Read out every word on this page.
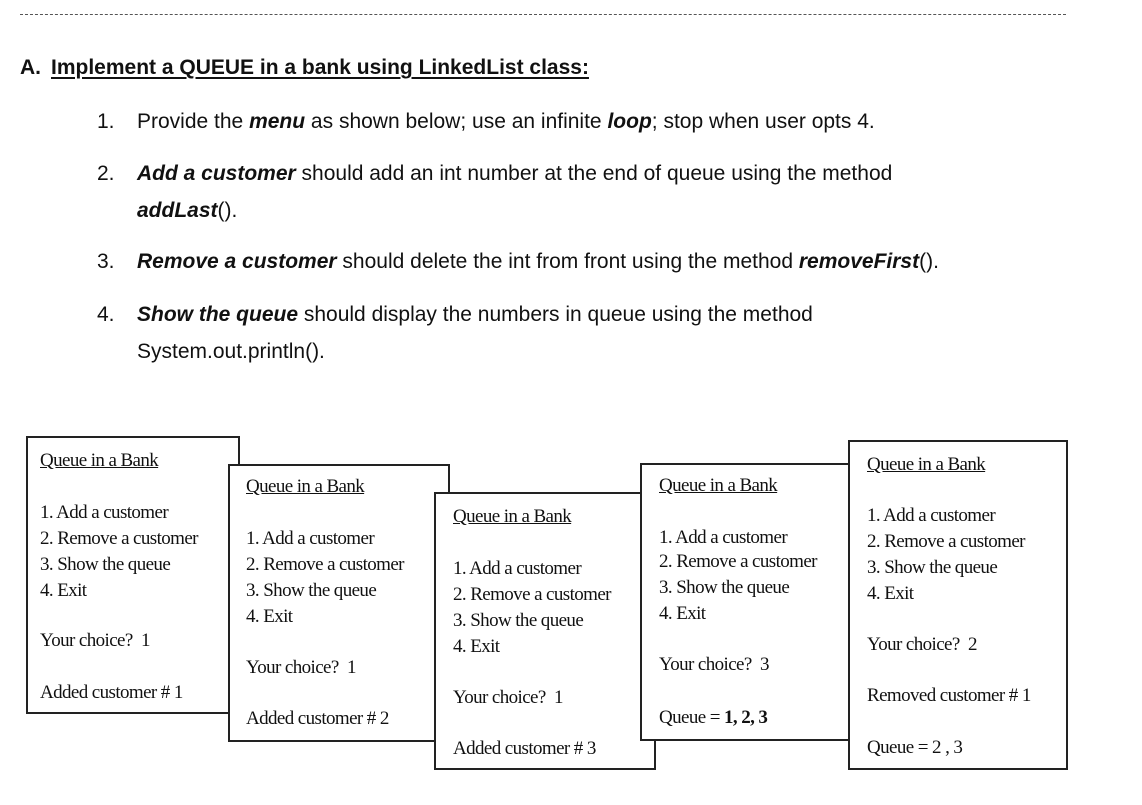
A. Implement a QUEUE in a bank using LinkedList class:
1. Provide the menu as shown below; use an infinite loop; stop when user opts 4.
2. Add a customer should add an int number at the end of queue using the method
addLast().
3. Remove a customer should delete the int from front using the method removeFirst().
4. Show the queue should display the numbers in queue using the method
System.out.println().
Queue in a Bank
1. Add a customer
2. Remove a customer
3. Show the queue
4. Exit
Your choice? 1
Added customer # 1
Queue in a Bank
1. Add a customer
2. Remove a customer
3. Show the queue
4. Exit
Your choice? 1
Added customer # 2
Queue in a Bank
1. Add a customer
2. Remove a customer
3. Show the queue
4. Exit
Your choice? 1
Added customer # 3
Queue in a Bank
1. Add a customer
2. Remove a customer
3. Show the queue
4. Exit
Your choice? 3
Queue = 1, 2, 3
Queue in a Bank
1. Add a customer
2. Remove a customer
3. Show the queue
4. Exit
Your choice? 2
Removed customer # 1
Queue = 2 , 3
